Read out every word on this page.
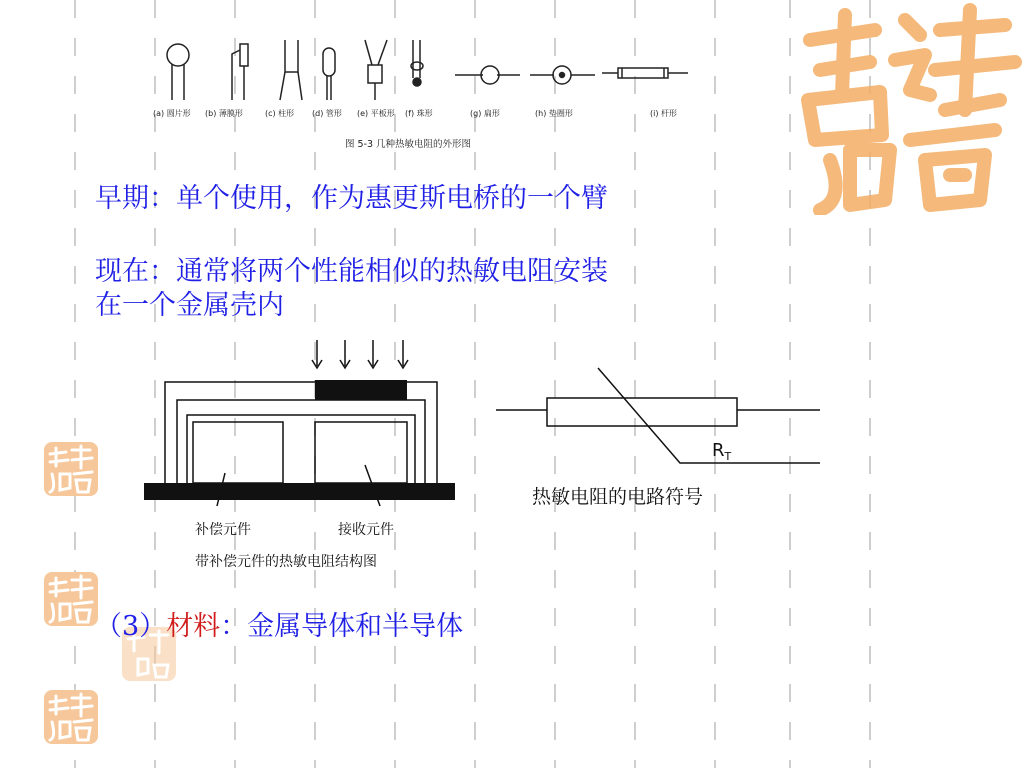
(a) 圆片形 (b) 薄膜形	(c) 柱形 (d) 管形 (e) 平板形 (f) 珠形	(g) 扁形	(h) 垫圈形	(i) 杆形
图 5-3 几种热敏电阻的外形图
早期：单个使用，作为惠更斯电桥的一个臂
现在：通常将两个性能相似的热敏电阻安装
在一个金属壳内
补偿元件	接收元件
带补偿元件的热敏电阻结构图
$R_T$
热敏电阻的电路符号
（3）材料：金属导体和半导体
